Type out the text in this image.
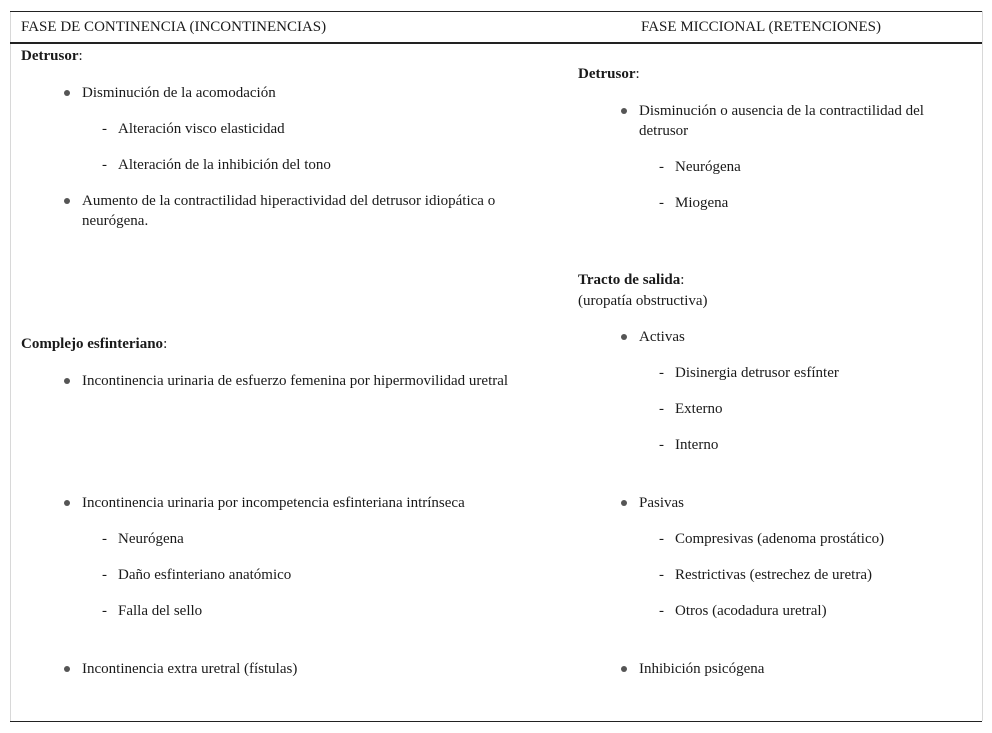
FASE DE CONTINENCIA (INCONTINENCIAS)	FASE MICCIONAL (RETENCIONES)
Detrusor:
Disminución de la acomodación
- Alteración visco elasticidad
- Alteración de la inhibición del tono
Aumento de la contractilidad hiperactividad del detrusor idiopática o neurógena.
Complejo esfinteriano:
Incontinencia urinaria de esfuerzo femenina por hipermovilidad uretral
Incontinencia urinaria por incompetencia esfinteriana intrínseca
- Neurógena
- Daño esfinteriano anatómico
- Falla del sello
Incontinencia extra uretral (fístulas)
Detrusor:
Disminución o ausencia de la contractilidad del detrusor
- Neurógena
- Miogena
Tracto de salida:
(uropatía obstructiva)
Activas
- Disinergia detrusor esfínter
- Externo
- Interno
Pasivas
- Compresivas (adenoma prostático)
- Restrictivas (estrechez de uretra)
- Otros (acodadura uretral)
Inhibición psicógena
